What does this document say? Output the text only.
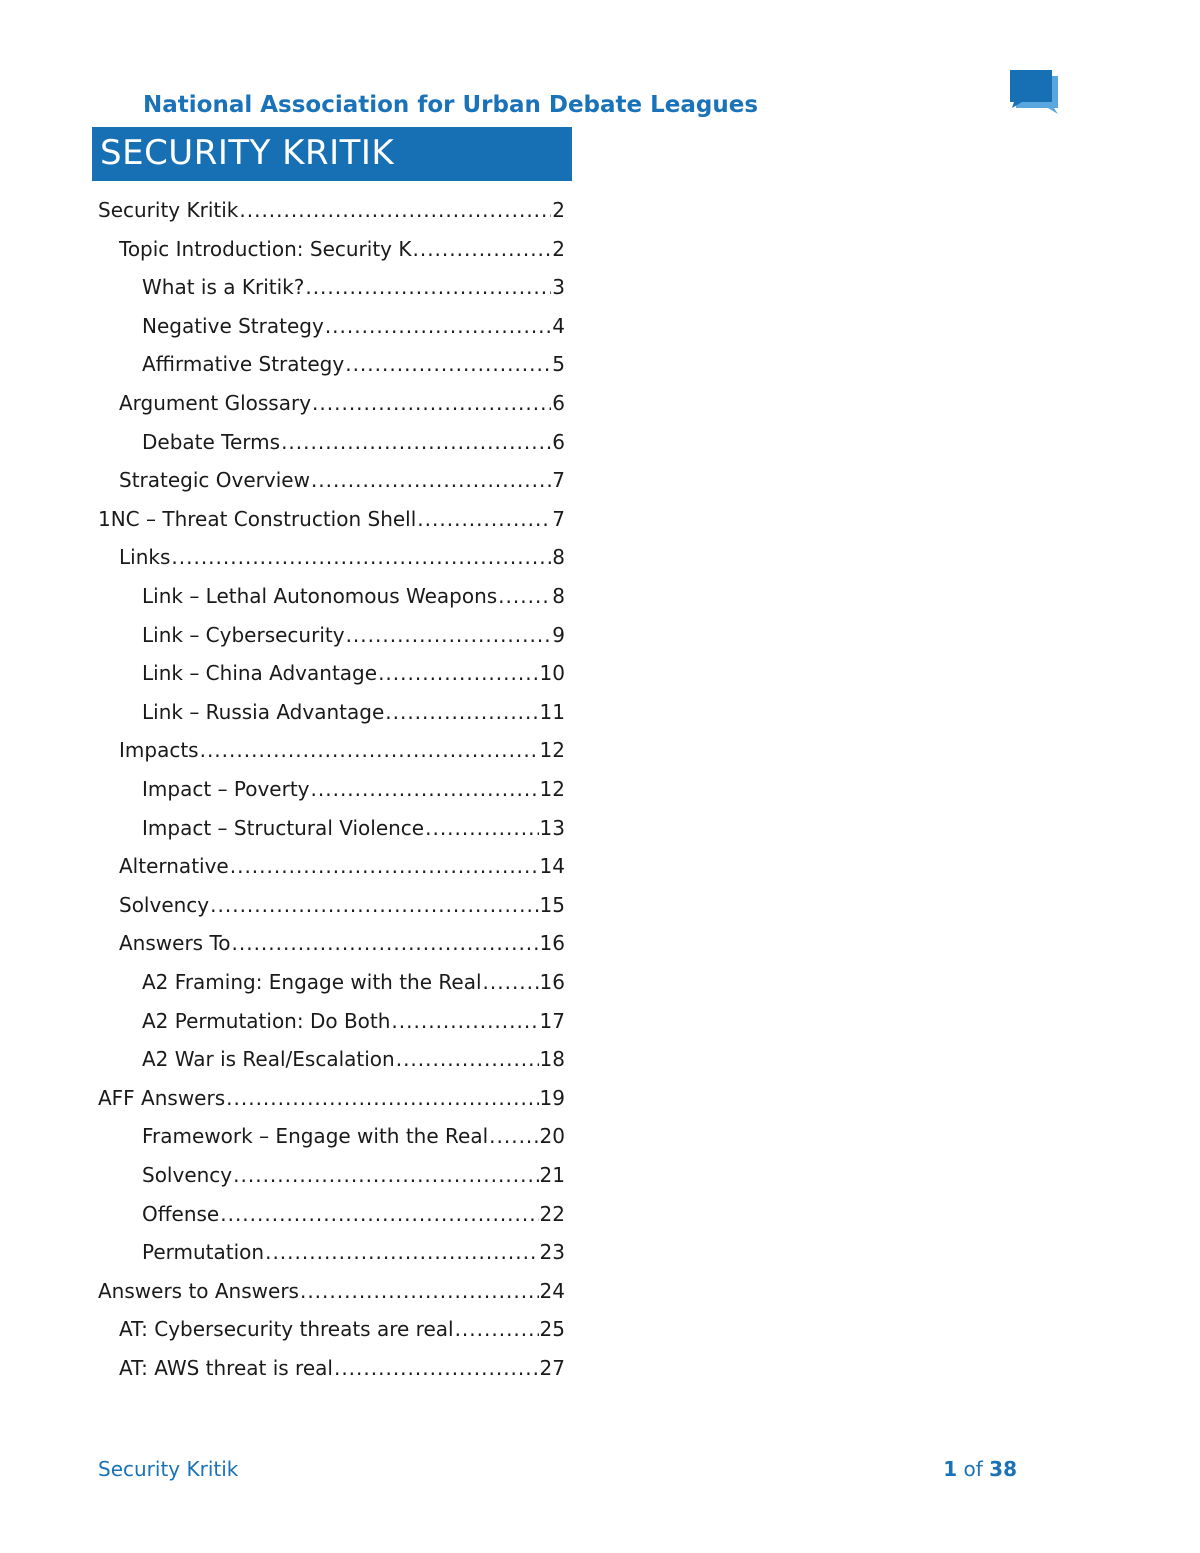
National Association for Urban Debate Leagues
SECURITY KRITIK
Security Kritik .....	2
Topic Introduction: Security K .....	2
What is a Kritik? .....	3
Negative Strategy .....	4
Affirmative Strategy .....	5
Argument Glossary .....	6
Debate Terms .....	6
Strategic Overview .....	7
1NC – Threat Construction Shell .....	7
Links .....	8
Link – Lethal Autonomous Weapons .....	8
Link – Cybersecurity .....	9
Link – China Advantage .....	10
Link – Russia Advantage .....	11
Impacts .....	12
Impact – Poverty .....	12
Impact – Structural Violence .....	13
Alternative .....	14
Solvency .....	15
Answers To .....	16
A2 Framing: Engage with the Real .....	16
A2 Permutation: Do Both .....	17
A2 War is Real/Escalation .....	18
AFF Answers .....	19
Framework – Engage with the Real .....	20
Solvency .....	21
Offense .....	22
Permutation .....	23
Answers to Answers .....	24
AT: Cybersecurity threats are real .....	25
AT: AWS threat is real .....	27
Security Kritik	1 of 38
